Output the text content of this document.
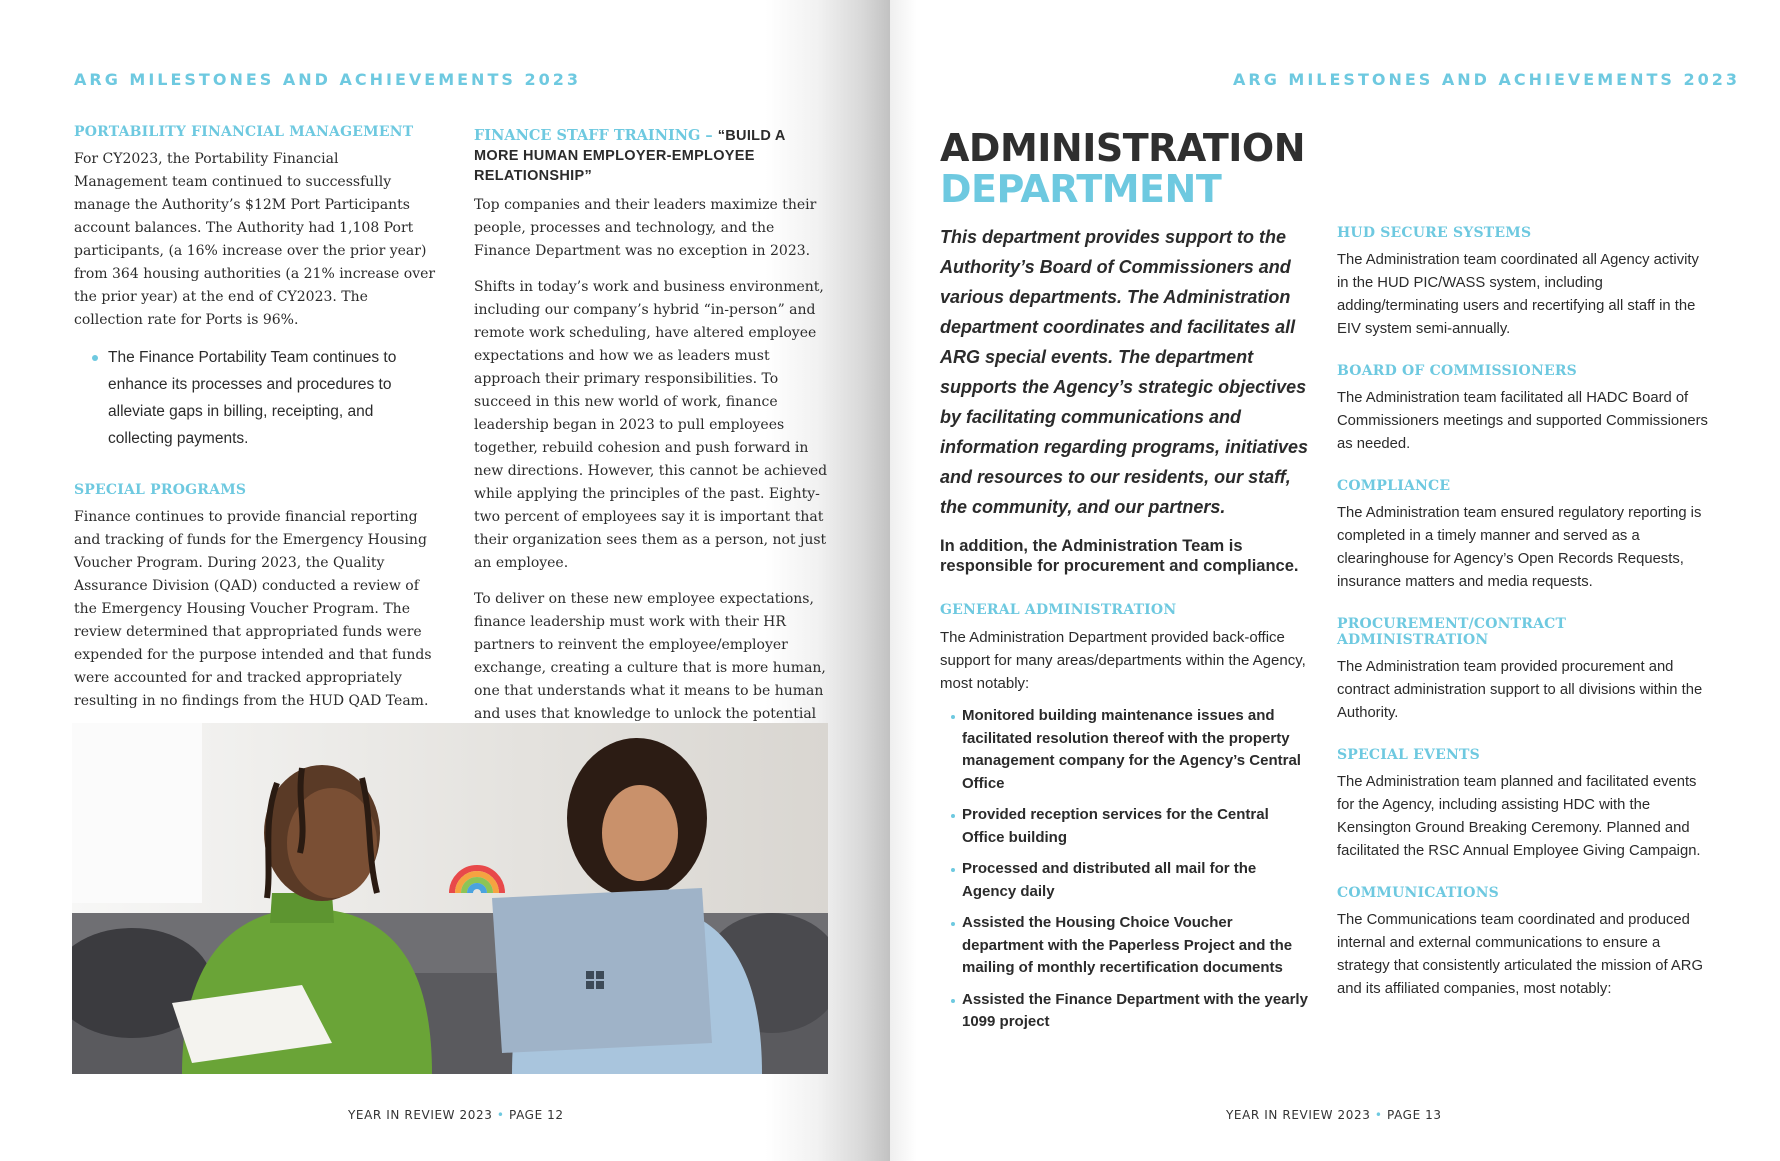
ARG MILESTONES AND ACHIEVEMENTS 2023
PORTABILITY FINANCIAL MANAGEMENT

For CY2023, the Portability Financial Management team continued to successfully manage the Authority’s $12M Port Participants account balances. The Authority had 1,108 Port participants, (a 16% increase over the prior year) from 364 housing authorities (a 21% increase over the prior year) at the end of CY2023. The collection rate for Ports is 96%.

The Finance Portability Team continues to enhance its processes and procedures to alleviate gaps in billing, receipting, and collecting payments.
SPECIAL PROGRAMS

Finance continues to provide financial reporting and tracking of funds for the Emergency Housing Voucher Program. During 2023, the Quality Assurance Division (QAD) conducted a review of the Emergency Housing Voucher Program. The review determined that appropriated funds were expended for the purpose intended and that funds were accounted for and tracked appropriately resulting in no findings from the HUD QAD Team.

FINANCE STAFF TRAINING – “BUILD A MORE HUMAN EMPLOYER-EMPLOYEE RELATIONSHIP”

Top companies and their leaders maximize their people, processes and technology, and the Finance Department was no exception in 2023.

Shifts in today’s work and business environment, including our company’s hybrid “in-person” and remote work scheduling, have altered employee expectations and how we as leaders must approach their primary responsibilities. To succeed in this new world of work, finance leadership began in 2023 to pull employees together, rebuild cohesion and push forward in new directions. However, this cannot be achieved while applying the principles of the past. Eighty-two percent of employees say it is important that their organization sees them as a person, not just an employee.

To deliver on these new employee expectations, finance leadership must work with their HR partners to reinvent the employee/employer exchange, creating a culture that is more human, one that understands what it means to be human and uses that knowledge to unlock the potential

YEAR IN REVIEW 2023 • PAGE 12
ARG MILESTONES AND ACHIEVEMENTS 2023
ADMINISTRATION
DEPARTMENT

This department provides support to the Authority’s Board of Commissioners and various departments. The Administration department coordinates and facilitates all ARG special events. The department supports the Agency’s strategic objectives by facilitating communications and information regarding programs, initiatives and resources to our residents, our staff, the community, and our partners.

In addition, the Administration Team is responsible for procurement and compliance.

GENERAL ADMINISTRATION

The Administration Department provided back-office support for many areas/departments within the Agency, most notably:

Monitored building maintenance issues and facilitated resolution thereof with the property management company for the Agency’s Central Office
Provided reception services for the Central Office building
Processed and distributed all mail for the Agency daily
Assisted the Housing Choice Voucher department with the Paperless Project and the mailing of monthly recertification documents
Assisted the Finance Department with the yearly 1099 project
HUD SECURE SYSTEMS

The Administration team coordinated all Agency activity in the HUD PIC/WASS system, including adding/terminating users and recertifying all staff in the EIV system semi-annually.

BOARD OF COMMISSIONERS

The Administration team facilitated all HADC Board of Commissioners meetings and supported Commissioners as needed.

COMPLIANCE

The Administration team ensured regulatory reporting is completed in a timely manner and served as a clearinghouse for Agency’s Open Records Requests, insurance matters and media requests.

PROCUREMENT/CONTRACT ADMINISTRATION

The Administration team provided procurement and contract administration support to all divisions within the Authority.

SPECIAL EVENTS

The Administration team planned and facilitated events for the Agency, including assisting HDC with the Kensington Ground Breaking Ceremony. Planned and facilitated the RSC Annual Employee Giving Campaign.

COMMUNICATIONS

The Communications team coordinated and produced internal and external communications to ensure a strategy that consistently articulated the mission of ARG and its affiliated companies, most notably:

YEAR IN REVIEW 2023 • PAGE 13
